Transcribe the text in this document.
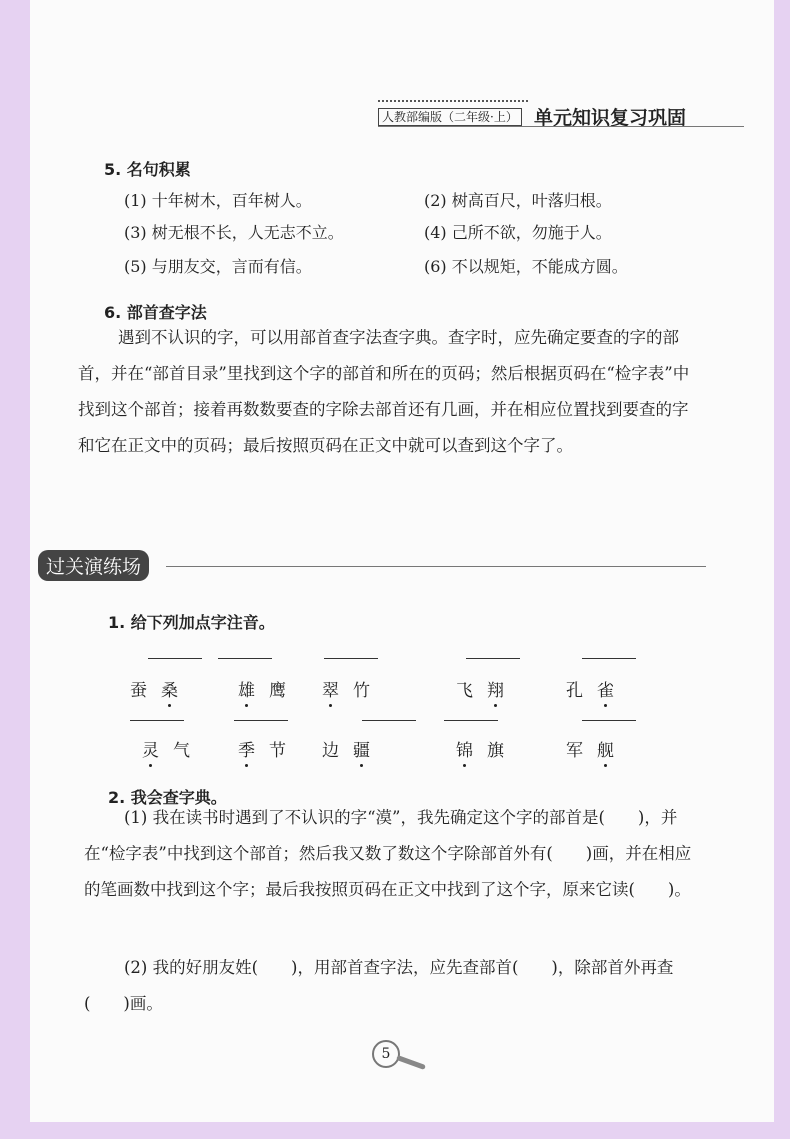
人教部编版（二年级·上） 单元知识复习巩固
5. 名句积累
(1) 十年树木，百年树人。	(2) 树高百尺，叶落归根。
(3) 树无根不长，人无志不立。	(4) 己所不欲，勿施于人。
(5) 与朋友交，言而有信。	(6) 不以规矩，不能成方圆。
6. 部首查字法
遇到不认识的字，可以用部首查字法查字典。查字时，应先确定要查的字的部首，并在“部首目录”里找到这个字的部首和所在的页码；然后根据页码在“检字表”中找到这个部首；接着再数数要查的字除去部首还有几画，并在相应位置找到要查的字和它在正文中的页码；最后按照页码在正文中就可以查到这个字了。
过关演练场
1. 给下列加点字注音。
蚕桑	雄鹰 翠竹	飞翔	孔雀
灵气 季节 边疆	锦旗	军舰
2. 我会查字典。
(1) 我在读书时遇到了不认识的字“漠”，我先确定这个字的部首是(　　)，并在“检字表”中找到这个部首；然后我又数了数这个字除部首外有(　　)画，并在相应的笔画数中找到这个字；最后我按照页码在正文中找到了这个字，原来它读(　　)。
(2) 我的好朋友姓(　　)，用部首查字法，应先查部首(　　)，除部首外再查(　　)画。
5
